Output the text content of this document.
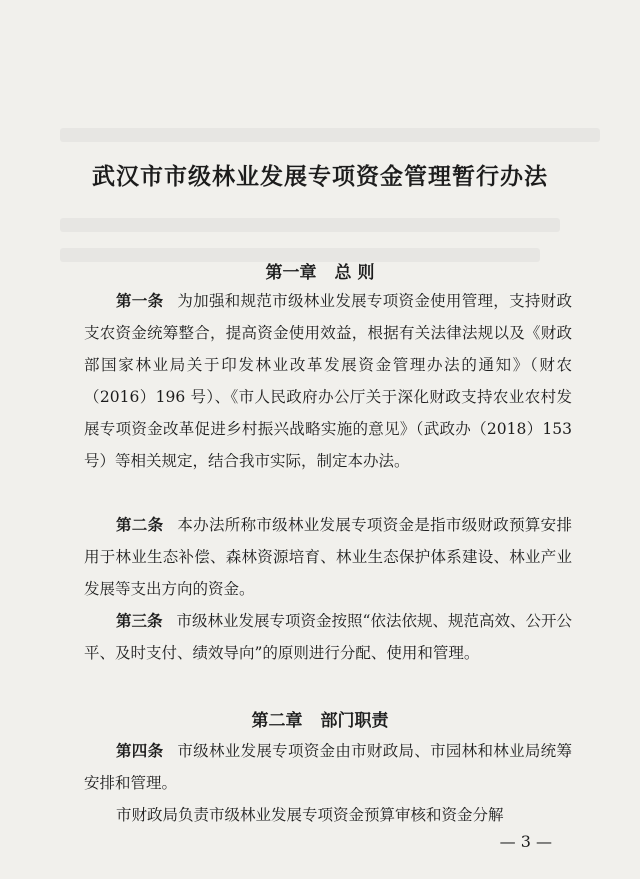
武汉市市级林业发展专项资金管理暂行办法
第一章 总 则
第一条 为加强和规范市级林业发展专项资金使用管理，支持财政支农资金统筹整合，提高资金使用效益，根据有关法律法规以及《财政部国家林业局关于印发林业改革发展资金管理办法的通知》（财农（2016）196 号）、《市人民政府办公厅关于深化财政支持农业农村发展专项资金改革促进乡村振兴战略实施的意见》（武政办（2018）153号）等相关规定，结合我市实际，制定本办法。
第二条 本办法所称市级林业发展专项资金是指市级财政预算安排用于林业生态补偿、森林资源培育、林业生态保护体系建设、林业产业发展等支出方向的资金。
第三条 市级林业发展专项资金按照“依法依规、规范高效、公开公平、及时支付、绩效导向”的原则进行分配、使用和管理。
第二章 部门职责
第四条 市级林业发展专项资金由市财政局、市园林和林业局统筹安排和管理。
市财政局负责市级林业发展专项资金预算审核和资金分解
— 3 —
